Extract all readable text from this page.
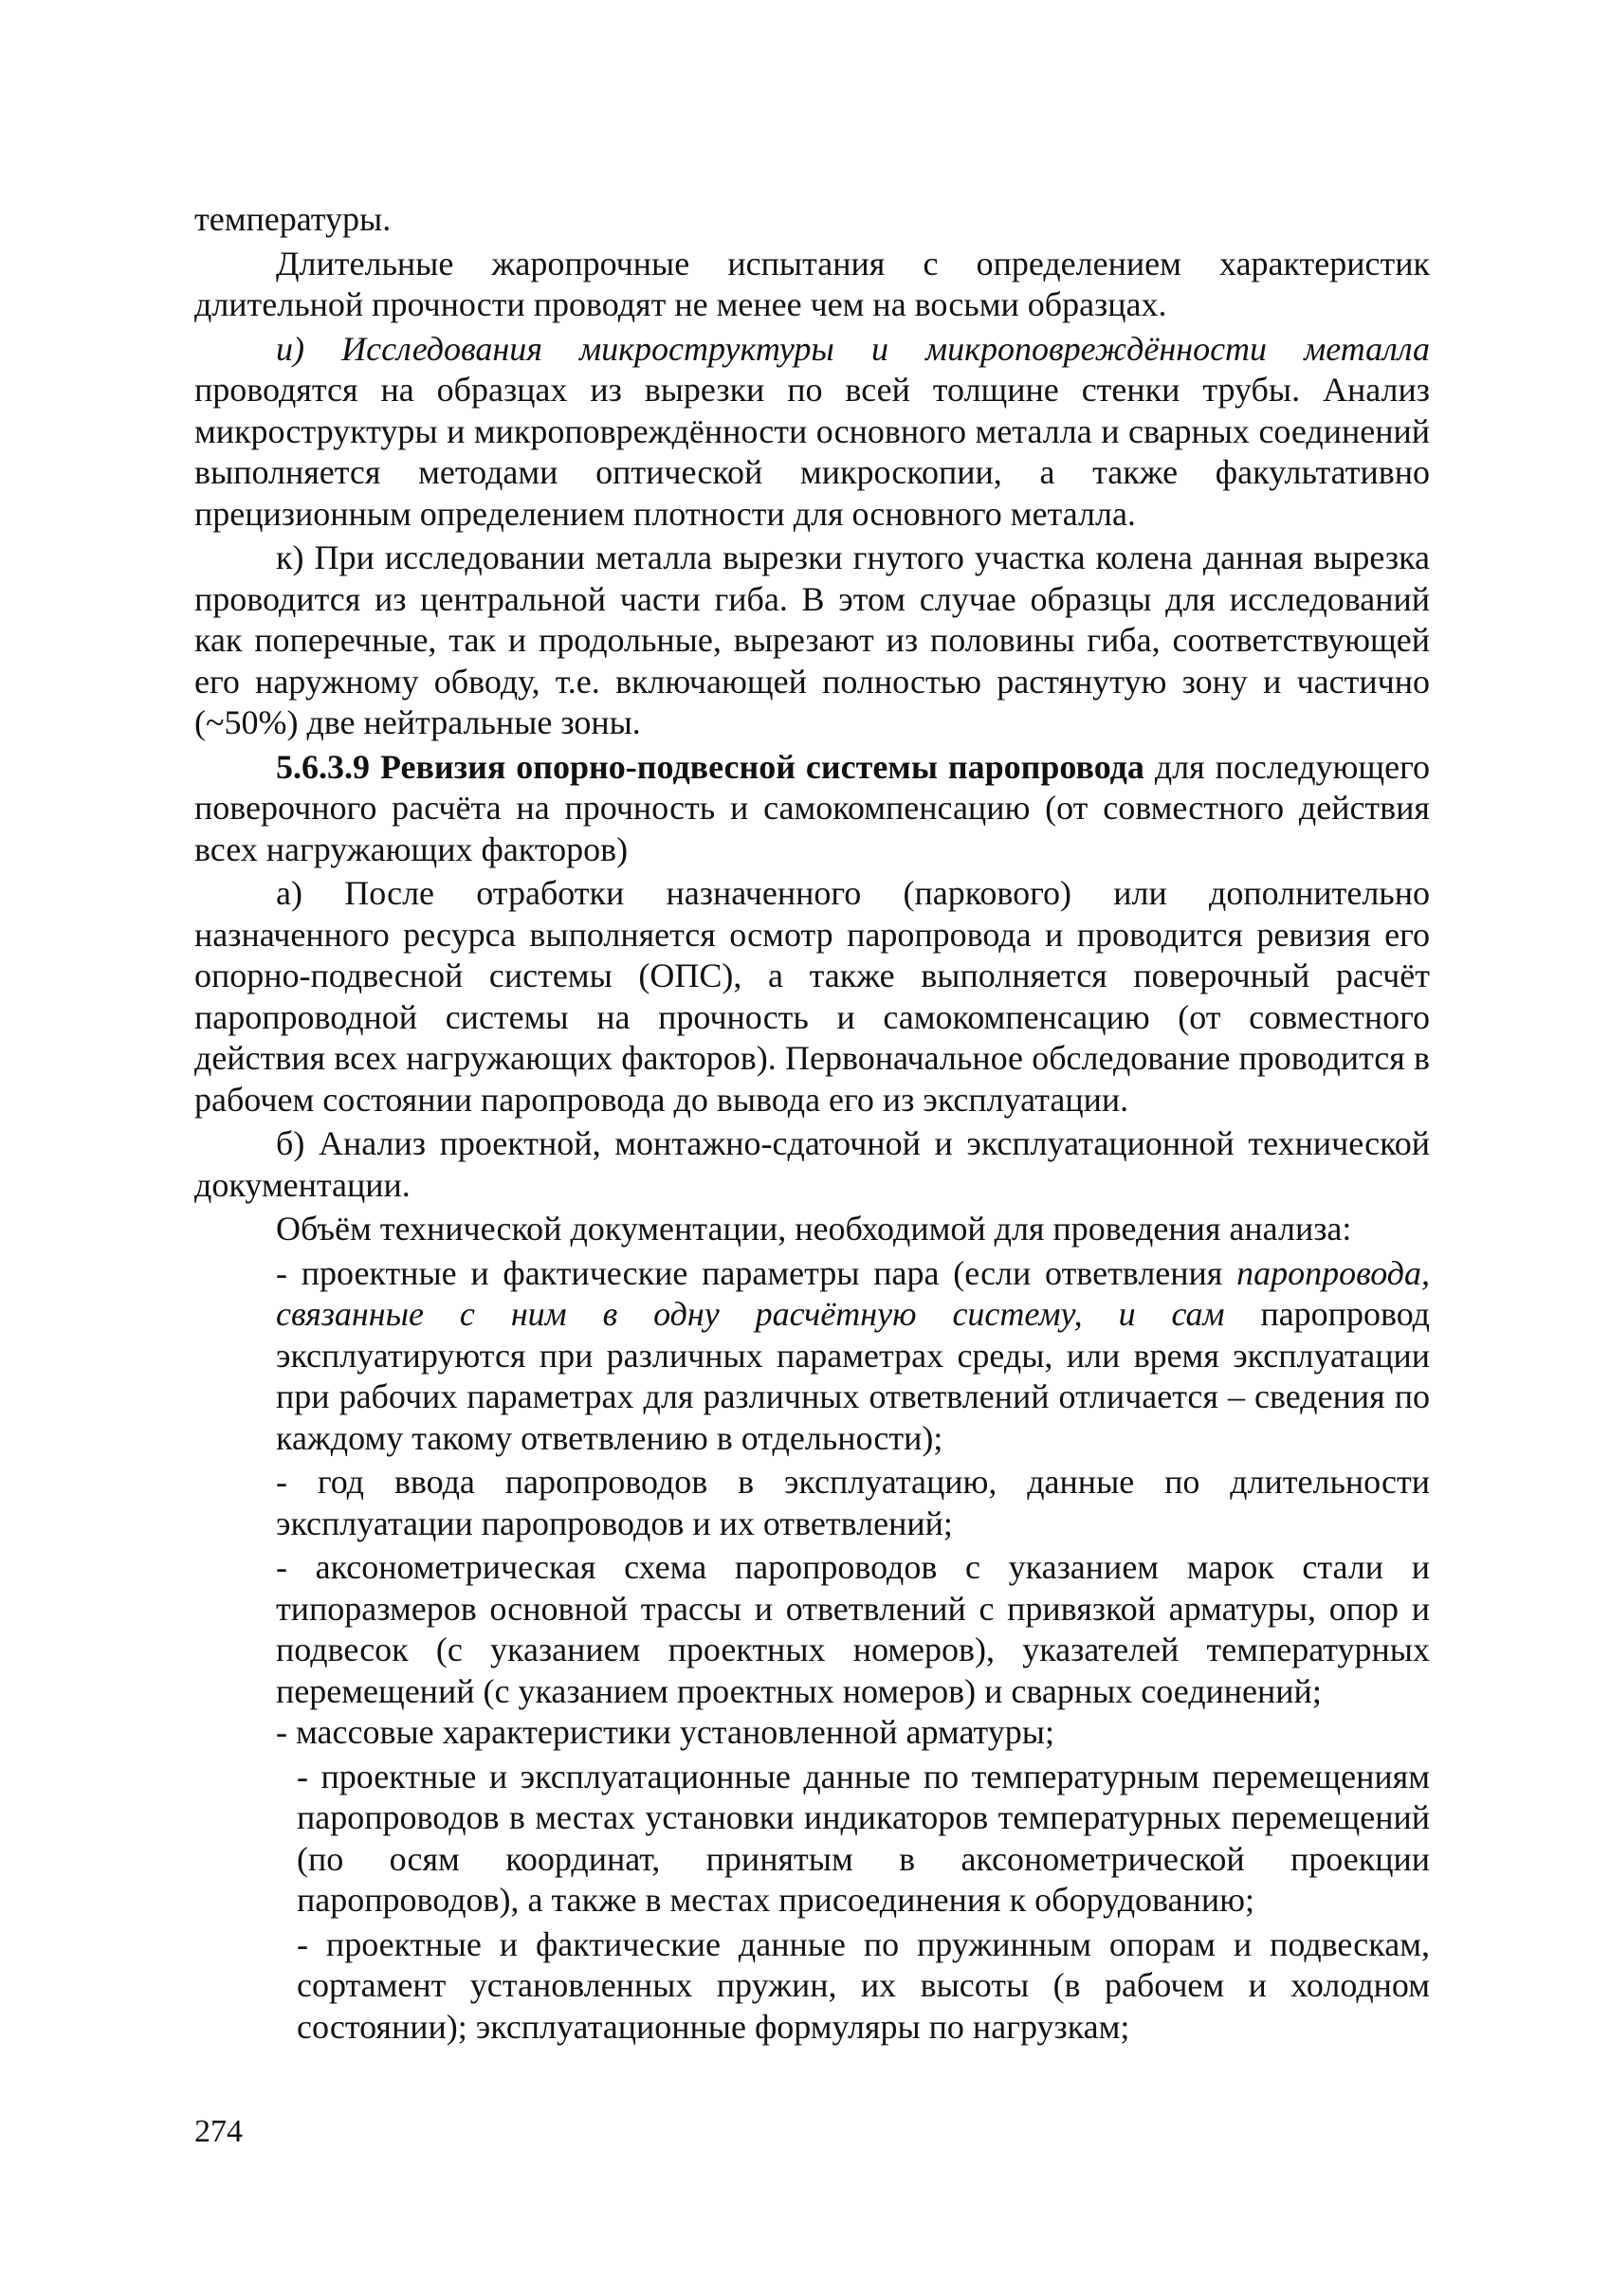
температуры.

Длительные жаропрочные испытания с определением характеристик длительной прочности проводят не менее чем на восьми образцах.

и) Исследования микроструктуры и микроповреждённости металла проводятся на образцах из вырезки по всей толщине стенки трубы. Анализ микроструктуры и микроповреждённости основного металла и сварных соединений выполняется методами оптической микроскопии, а также факультативно прецизионным определением плотности для основного металла.

к) При исследовании металла вырезки гнутого участка колена данная вырезка проводится из центральной части гиба. В этом случае образцы для исследований как поперечные, так и продольные, вырезают из половины гиба, соответствующей его наружному обводу, т.е. включающей полностью растянутую зону и частично (~50%) две нейтральные зоны.

5.6.3.9 Ревизия опорно-подвесной системы паропровода для последующего поверочного расчёта на прочность и самокомпенсацию (от совместного действия всех нагружающих факторов)

а) После отработки назначенного (паркового) или дополнительно назначенного ресурса выполняется осмотр паропровода и проводится ревизия его опорно-подвесной системы (ОПС), а также выполняется поверочный расчёт паропроводной системы на прочность и самокомпенсацию (от совместного действия всех нагружающих факторов). Первоначальное обследование проводится в рабочем состоянии паропровода до вывода его из эксплуатации.

б) Анализ проектной, монтажно-сдаточной и эксплуатационной технической документации.

Объём технической документации, необходимой для проведения анализа:

- проектные и фактические параметры пара (если ответвления паропровода, связанные с ним в одну расчётную систему, и сам паропровод эксплуатируются при различных параметрах среды, или время эксплуатации при рабочих параметрах для различных ответвлений отличается – сведения по каждому такому ответвлению в отдельности);

- год ввода паропроводов в эксплуатацию, данные по длительности эксплуатации паропроводов и их ответвлений;

- аксонометрическая схема паропроводов с указанием марок стали и типоразмеров основной трассы и ответвлений с привязкой арматуры, опор и подвесок (с указанием проектных номеров), указателей температурных перемещений (с указанием проектных номеров) и сварных соединений;

- массовые характеристики установленной арматуры;

- проектные и эксплуатационные данные по температурным перемещениям паропроводов в местах установки индикаторов температурных перемещений (по осям координат, принятым в аксонометрической проекции паропроводов), а также в местах присоединения к оборудованию;

- проектные и фактические данные по пружинным опорам и подвескам, сортамент установленных пружин, их высоты (в рабочем и холодном состоянии); эксплуатационные формуляры по нагрузкам;

274
